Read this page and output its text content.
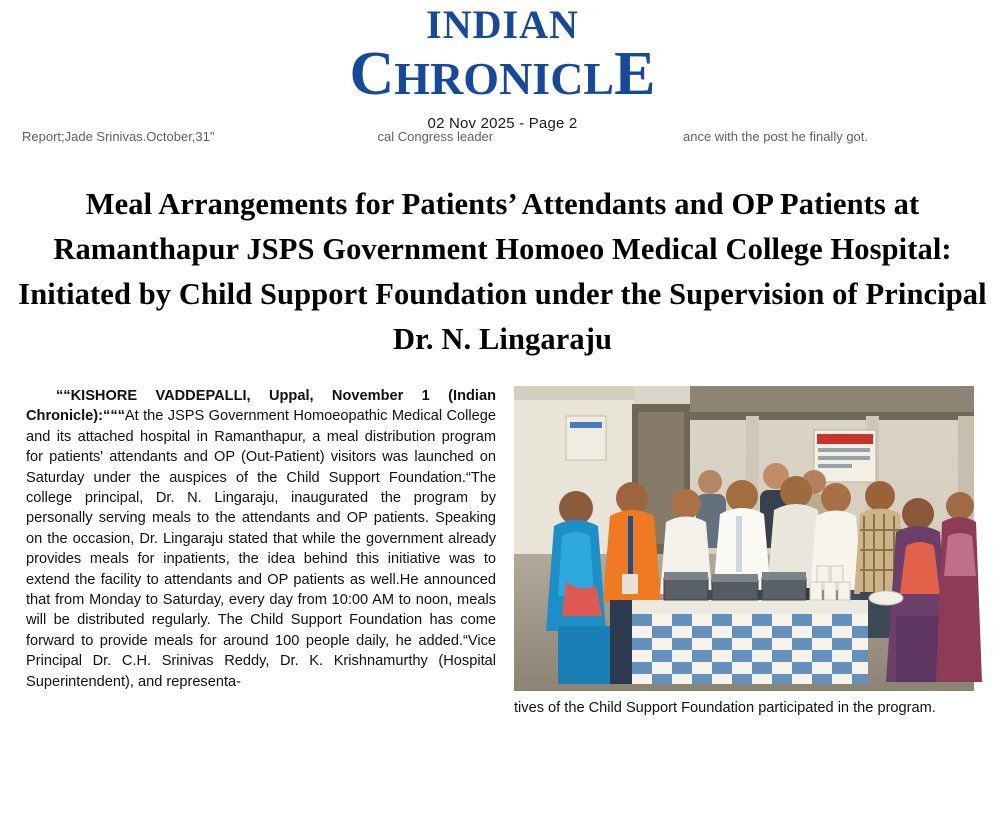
INDIAN
CHRONICLE
02 Nov 2025 - Page 2
Report;Jade Srinivas.October,31"	cal Congress leader	ance with the post he finally got.
Meal Arrangements for Patients’ Attendants and OP Patients at Ramanthapur JSPS Government Homoeo Medical College Hospital: Initiated by Child Support Foundation under the Supervision of Principal Dr. N. Lingaraju
““KISHORE VADDEPALLI, Uppal, November 1 (Indian Chronicle):“““At the JSPS Government Homoeopathic Medical College and its attached hospital in Ramanthapur, a meal distribution program for patients' attendants and OP (Out-Patient) visitors was launched on Saturday under the auspices of the Child Support Foundation.“The college principal, Dr. N. Lingaraju, inaugurated the program by personally serving meals to the attendants and OP patients. Speaking on the occasion, Dr. Lingaraju stated that while the government already provides meals for inpatients, the idea behind this initiative was to extend the facility to attendants and OP patients as well.He announced that from Monday to Saturday, every day from 10:00 AM to noon, meals will be distributed regularly. The Child Support Foundation has come forward to provide meals for around 100 people daily, he added.“Vice Principal Dr. C.H. Srinivas Reddy, Dr. K. Krishnamurthy (Hospital Superintendent), and representa-
tives of the Child Support Foundation participated in the program.
